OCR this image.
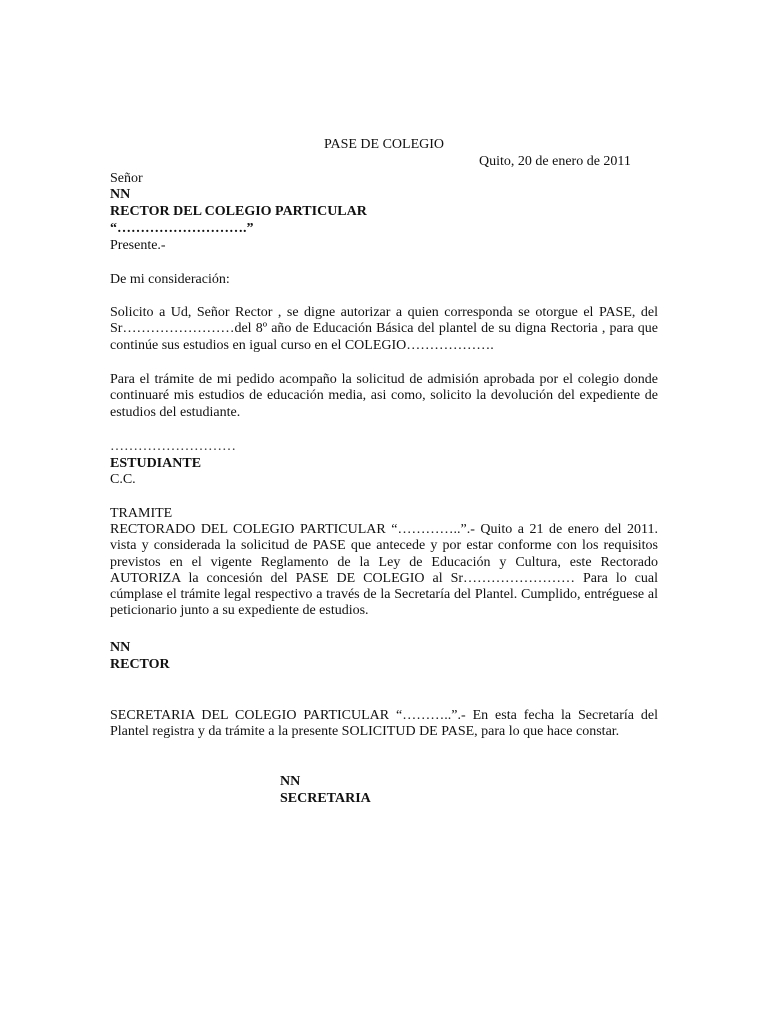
PASE DE COLEGIO
Quito, 20 de enero de 2011
Señor
NN
RECTOR DEL COLEGIO PARTICULAR
“……………………….”
Presente.-
De mi consideración:
Solicito a Ud, Señor Rector , se digne autorizar a quien corresponda se otorgue el PASE, del Sr……………………del 8º año de Educación Básica del plantel de su digna Rectoria , para que continúe sus estudios en igual curso en el COLEGIO……………….
Para el trámite de mi pedido acompaño la solicitud de admisión aprobada por el colegio donde continuaré mis estudios de educación media, asi como, solicito la devolución del expediente de estudios del estudiante.
………………………
ESTUDIANTE
C.C.
TRAMITE
RECTORADO DEL COLEGIO PARTICULAR “…………..”.- Quito a 21 de enero del 2011. vista y considerada la solicitud de PASE que antecede y por estar conforme con los requisitos previstos en el vigente Reglamento de la Ley de Educación y Cultura, este Rectorado AUTORIZA la concesión del PASE DE COLEGIO al Sr…………………… Para lo cual cúmplase el trámite legal respectivo a través de la Secretaría del Plantel. Cumplido, entréguese al peticionario junto a su expediente de estudios.
NN
RECTOR
SECRETARIA DEL COLEGIO PARTICULAR “………..”.- En esta fecha la Secretaría del Plantel registra y da trámite a la presente SOLICITUD DE PASE, para lo que hace constar.
NN
SECRETARIA
